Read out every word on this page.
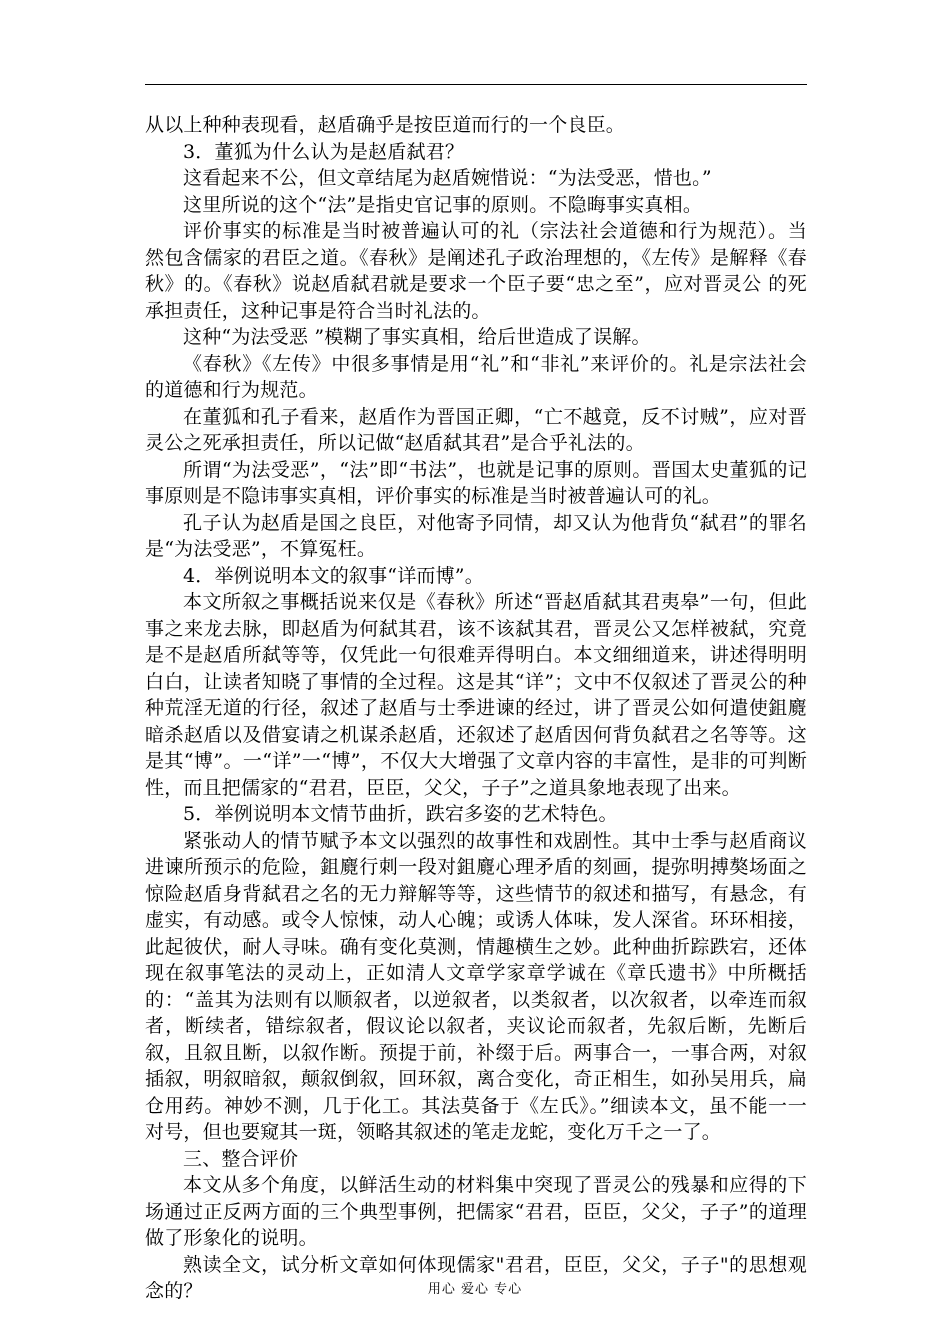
从以上种种表现看，赵盾确乎是按臣道而行的一个良臣。

3．董狐为什么认为是赵盾弑君？

这看起来不公，但文章结尾为赵盾婉惜说：“为法受恶，惜也。”

这里所说的这个“法”是指史官记事的原则。不隐晦事实真相。

评价事实的标准是当时被普遍认可的礼（宗法社会道德和行为规范）。当然包含儒家的君臣之道。《春秋》是阐述孔子政治理想的，《左传》是解释《春秋》的。《春秋》说赵盾弑君就是要求一个臣子要“忠之至”，应对晋灵公 的死承担责任，这种记事是符合当时礼法的。

这种“为法受恶 ”模糊了事实真相，给后世造成了误解。

《春秋》《左传》中很多事情是用“礼”和“非礼”来评价的。礼是宗法社会的道德和行为规范。

在董狐和孔子看来，赵盾作为晋国正卿，“亡不越竟，反不讨贼”，应对晋灵公之死承担责任，所以记做“赵盾弑其君”是合乎礼法的。

所谓“为法受恶”，“法”即“书法”，也就是记事的原则。晋国太史董狐的记事原则是不隐讳事实真相，评价事实的标准是当时被普遍认可的礼。

孔子认为赵盾是国之良臣，对他寄予同情，却又认为他背负“弑君”的罪名是“为法受恶”，不算冤枉。

4．举例说明本文的叙事“详而博”。

本文所叙之事概括说来仅是《春秋》所述“晋赵盾弑其君夷皋”一句，但此事之来龙去脉，即赵盾为何弑其君，该不该弑其君，晋灵公又怎样被弑，究竟是不是赵盾所弑等等，仅凭此一句很难弄得明白。本文细细道来，讲述得明明白白，让读者知晓了事情的全过程。这是其“详”；文中不仅叙述了晋灵公的种种荒淫无道的行径，叙述了赵盾与士季进谏的经过，讲了晋灵公如何遣使鉏麑暗杀赵盾以及借宴请之机谋杀赵盾，还叙述了赵盾因何背负弑君之名等等。这是其“博”。一“详”一“博”，不仅大大增强了文章内容的丰富性，是非的可判断性，而且把儒家的“君君，臣臣，父父，子子”之道具象地表现了出来。

5．举例说明本文情节曲折，跌宕多姿的艺术特色。

紧张动人的情节赋予本文以强烈的故事性和戏剧性。其中士季与赵盾商议进谏所预示的危险，鉏麑行刺一段对鉏麑心理矛盾的刻画，提弥明搏獒场面之惊险赵盾身背弑君之名的无力辩解等等，这些情节的叙述和描写，有悬念，有虚实，有动感。或令人惊悚，动人心魄；或诱人体味，发人深省。环环相接，此起彼伏，耐人寻味。确有变化莫测，情趣横生之妙。此种曲折踪跌宕，还体现在叙事笔法的灵动上，正如清人文章学家章学诚在《章氏遗书》中所概括的：“盖其为法则有以顺叙者，以逆叙者，以类叙者，以次叙者，以牵连而叙者，断续者，错综叙者，假议论以叙者，夹议论而叙者，先叙后断，先断后叙，且叙且断，以叙作断。预提于前，补缀于后。两事合一，一事合两，对叙插叙，明叙暗叙，颠叙倒叙，回环叙，离合变化，奇正相生，如孙吴用兵，扁仓用药。神妙不测，几于化工。其法莫备于《左氏》。”细读本文，虽不能一一对号，但也要窥其一斑，领略其叙述的笔走龙蛇，变化万千之一了。

三、整合评价

本文从多个角度，以鲜活生动的材料集中突现了晋灵公的残暴和应得的下场通过正反两方面的三个典型事例，把儒家“君君，臣臣，父父，子子”的道理做了形象化的说明。

熟读全文，试分析文章如何体现儒家"君君，臣臣，父父，子子"的思想观念的？	用心 爱心 专心
